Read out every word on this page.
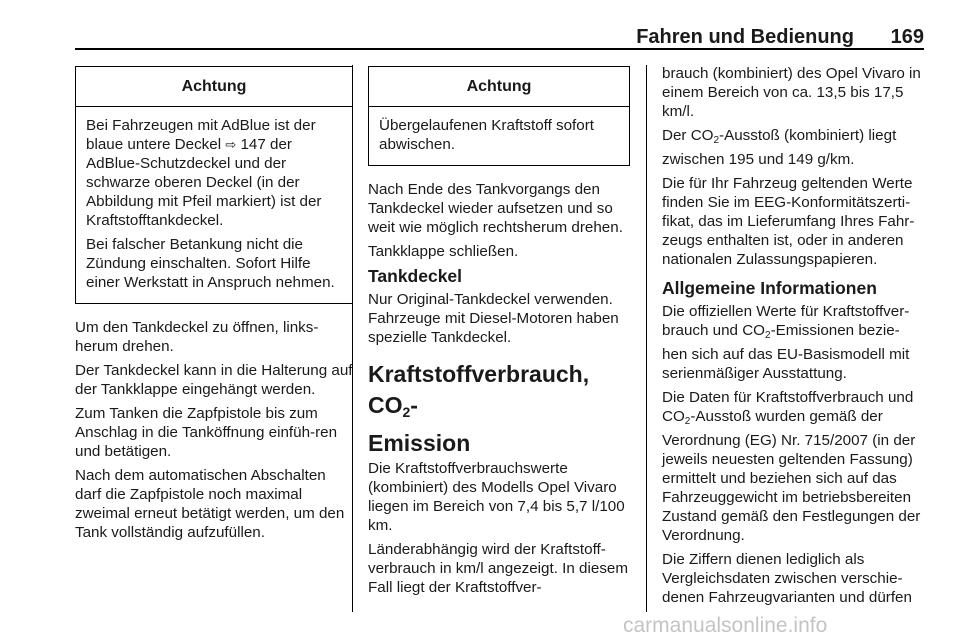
Fahren und Bedienung 169
Achtung
Bei Fahrzeugen mit AdBlue ist der blaue untere Deckel ⇨ 147 der AdBlue-Schutzdeckel und der schwarze oberen Deckel (in der Abbildung mit Pfeil markiert) ist der Kraftstofftankdeckel.
Bei falscher Betankung nicht die Zündung einschalten. Sofort Hilfe einer Werkstatt in Anspruch nehmen.
Um den Tankdeckel zu öffnen, links-herum drehen.
Der Tankdeckel kann in die Halterung auf der Tankklappe eingehängt werden.
Zum Tanken die Zapfpistole bis zum Anschlag in die Tanköffnung einfüh-ren und betätigen.
Nach dem automatischen Abschalten darf die Zapfpistole noch maximal zweimal erneut betätigt werden, um den Tank vollständig aufzufüllen.
Achtung
Übergelaufenen Kraftstoff sofort abwischen.
Nach Ende des Tankvorgangs den Tankdeckel wieder aufsetzen und so weit wie möglich rechtsherum drehen.
Tankklappe schließen.
Tankdeckel
Nur Original-Tankdeckel verwenden. Fahrzeuge mit Diesel-Motoren haben spezielle Tankdeckel.
Kraftstoffverbrauch, $CO_2-$
Emission
Die Kraftstoffverbrauchswerte (kombiniert) des Modells Opel Vivaro liegen im Bereich von 7,4 bis 5,7 l/100 km.
Länderabhängig wird der Kraftstoff-verbrauch in km/l angezeigt. In diesem Fall liegt der Kraftstoffver-
brauch (kombiniert) des Opel Vivaro in einem Bereich von ca. 13,5 bis 17,5 km/l.
Der $CO_2$-Ausstoß (kombiniert) liegt zwischen 195 und 149 g/km.
Die für Ihr Fahrzeug geltenden Werte finden Sie im EEG-Konformitätszerti-fikat, das im Lieferumfang Ihres Fahr-zeugs enthalten ist, oder in anderen nationalen Zulassungspapieren.
Allgemeine Informationen
Die offiziellen Werte für Kraftstoffver-brauch und $CO_2$-Emissionen bezie-hen sich auf das EU-Basismodell mit serienmäßiger Ausstattung.
Die Daten für Kraftstoffverbrauch und $CO_2$-Ausstoß wurden gemäß der Verordnung (EG) Nr. 715/2007 (in der jeweils neuesten geltenden Fassung) ermittelt und beziehen sich auf das Fahrzeuggewicht im betriebsbereiten Zustand gemäß den Festlegungen der Verordnung.
Die Ziffern dienen lediglich als Vergleichsdaten zwischen verschie-denen Fahrzeugvarianten und dürfen
carmanualsonline.info
